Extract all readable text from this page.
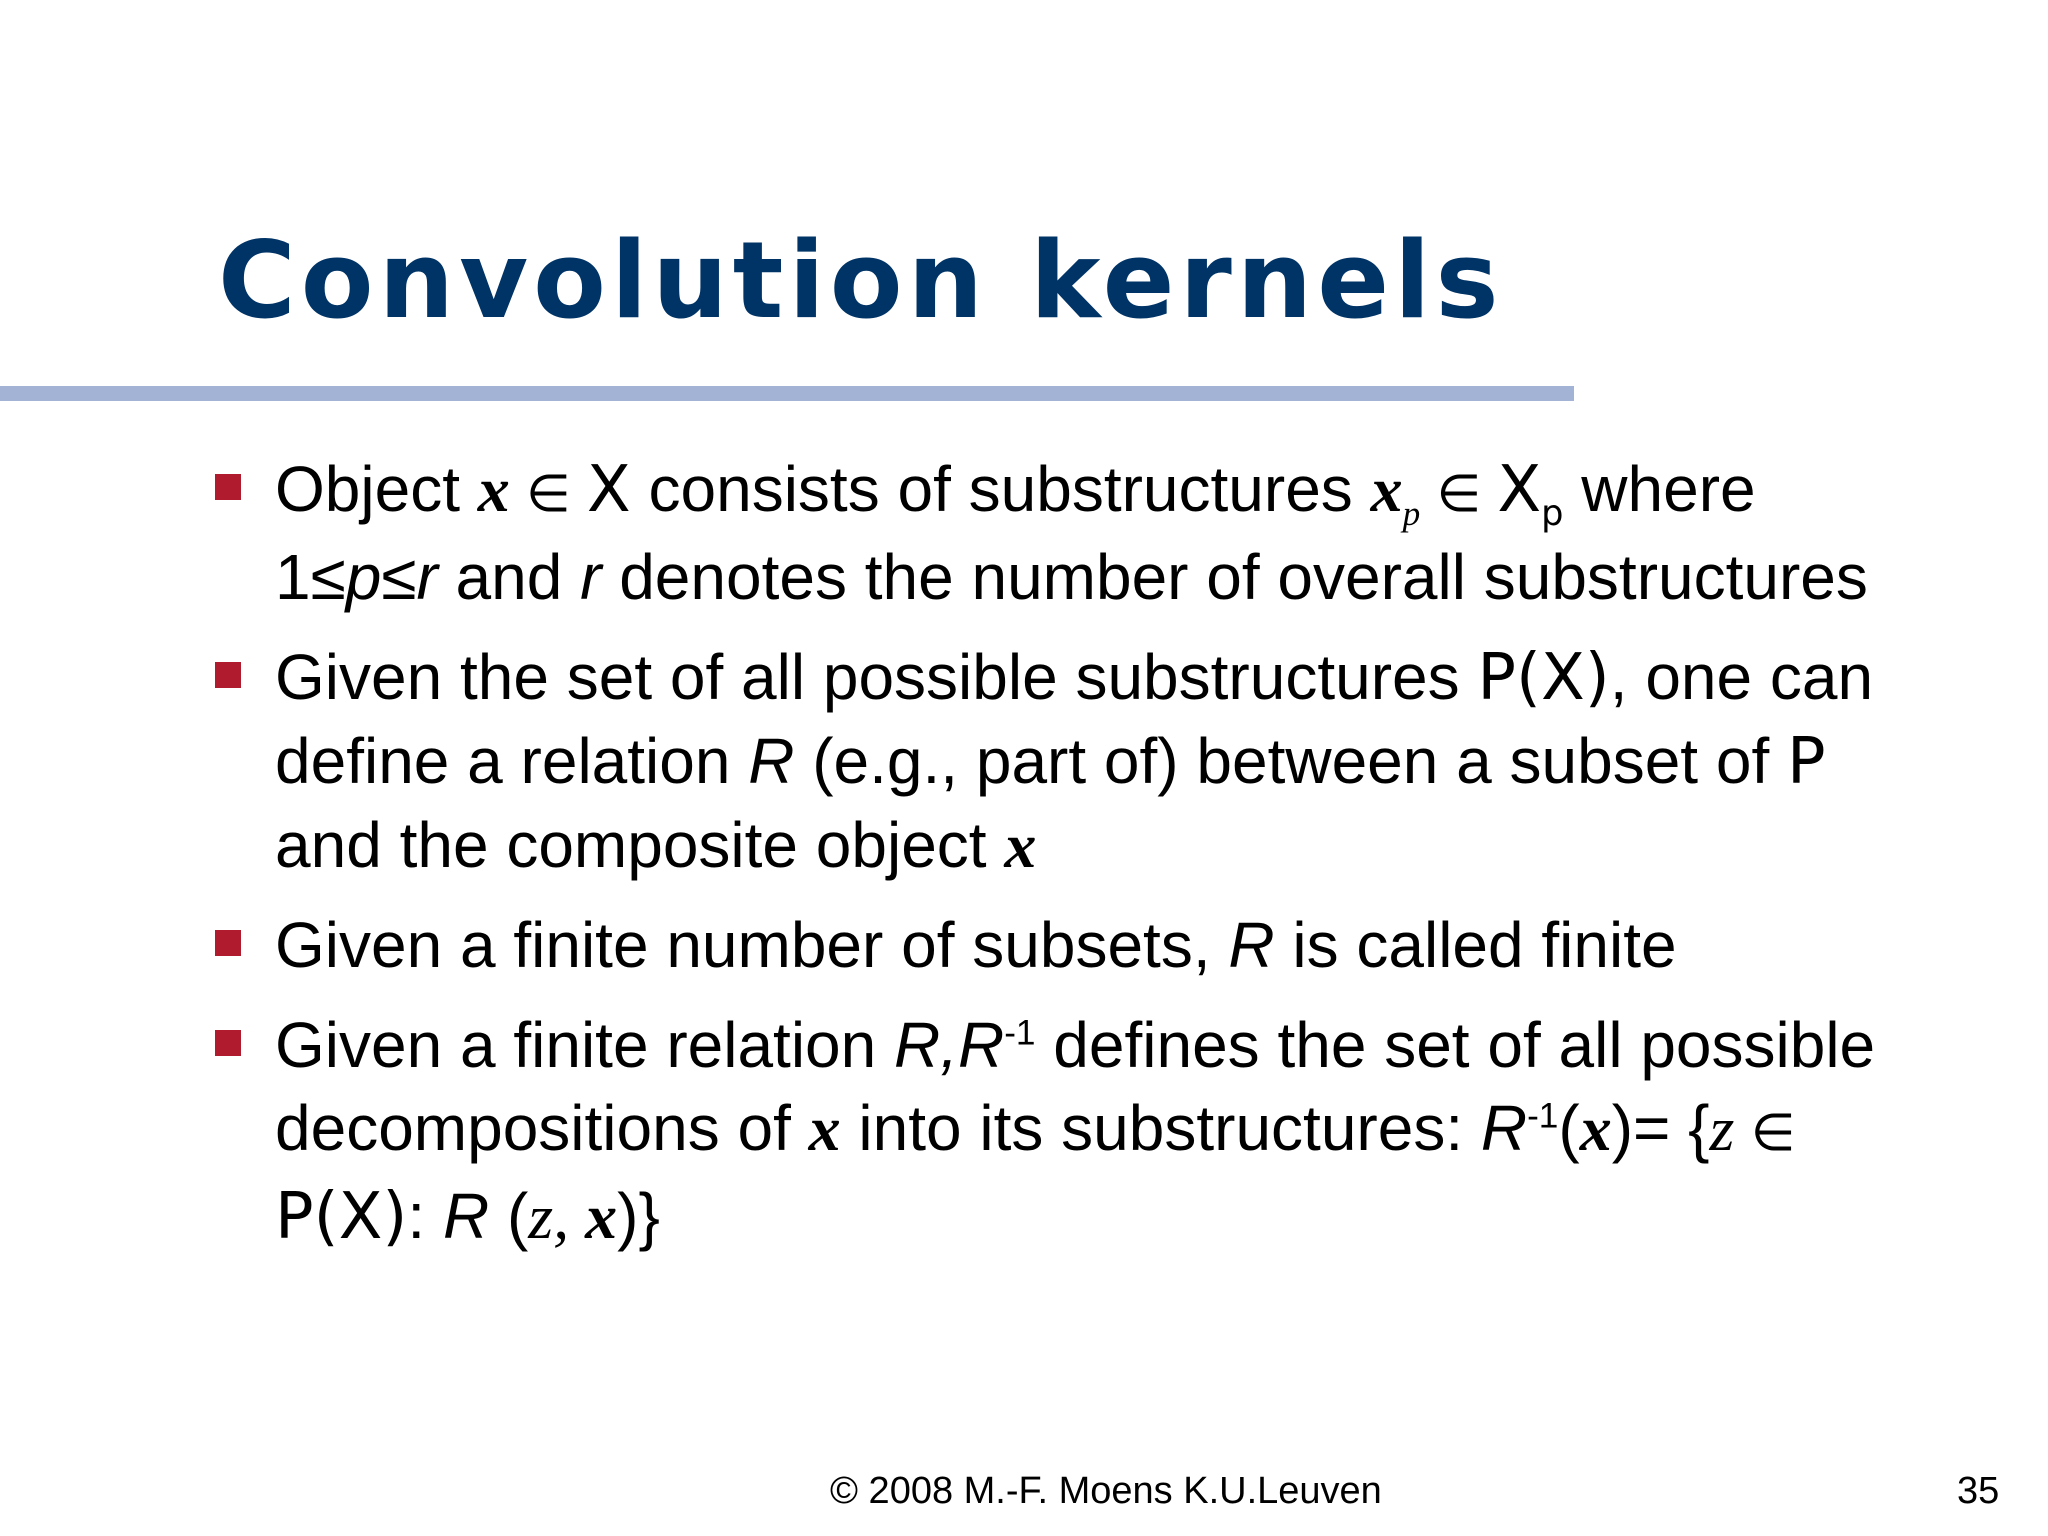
Convolution kernels
Object x ∈ X consists of substructures $x_p$ ∈ $X_p$ where
1≤p≤r and r denotes the number of overall substructures
Given the set of all possible substructures P(X), one can
define a relation R (e.g., part of) between a subset of P
and the composite object x
Given a finite number of subsets, R is called finite
Given a finite relation $R,R^{-1}$ defines the set of all possible
decompositions of x into its substructures: $R^{-1}(x)= \{z$ ∈
P(X): R (z, x)}
© 2008 M.-F. Moens K.U.Leuven	35
